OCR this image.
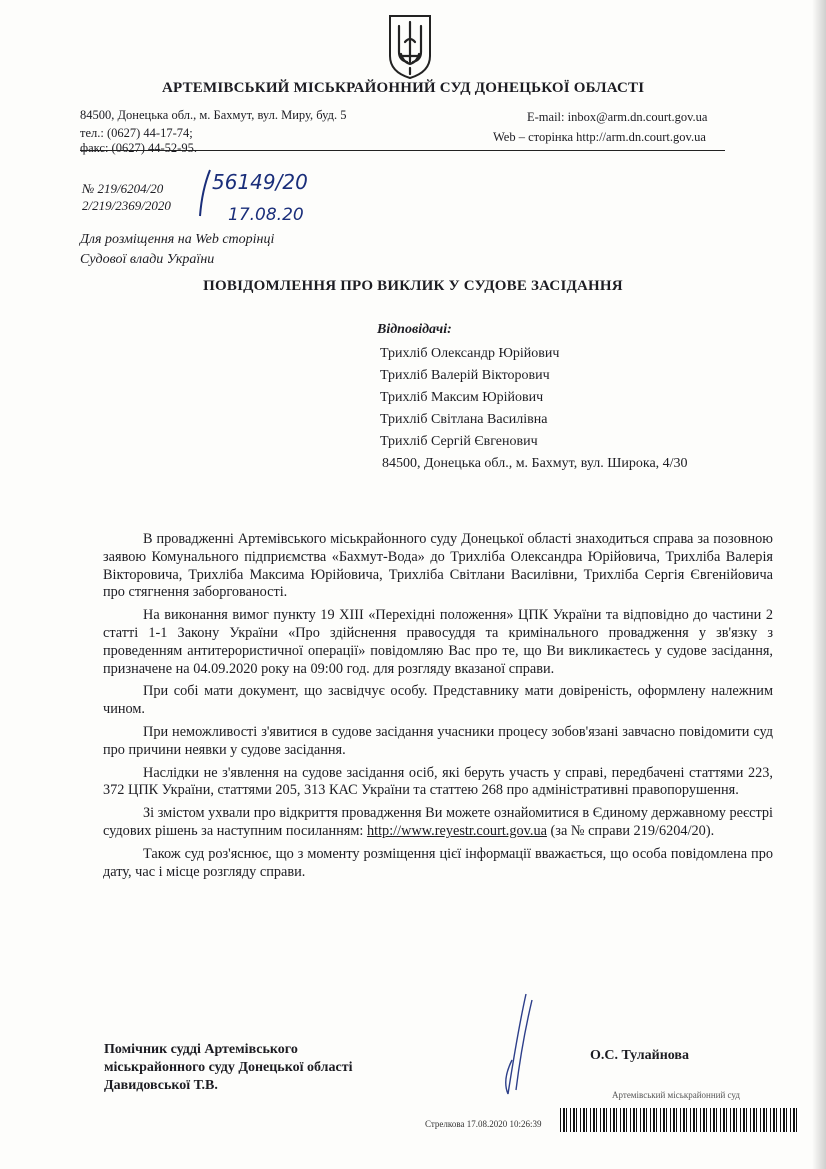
АРТЕМІВСЬКИЙ МІСЬКРАЙОННИЙ СУД ДОНЕЦЬКОЇ ОБЛАСТІ
84500, Донецька обл., м. Бахмут, вул. Миру, буд. 5
тел.: (0627) 44-17-74;
факс: (0627) 44-52-95.
E-mail: inbox@arm.dn.court.gov.ua
Web – сторінка http://arm.dn.court.gov.ua
№ 219/6204/20
2/219/2369/2020
56149/20
17.08.20
Для розміщення на Web сторінці
Судової влади України
ПОВІДОМЛЕННЯ ПРО ВИКЛИК У СУДОВЕ ЗАСІДАННЯ
Відповідачі:
Трихліб Олександр Юрійович
Трихліб Валерій Вікторович
Трихліб Максим Юрійович
Трихліб Світлана Василівна
Трихліб Сергій Євгенович
84500, Донецька обл., м. Бахмут, вул. Широка, 4/30

В провадженні Артемівського міськрайонного суду Донецької області знаходиться справа за позовною заявою Комунального підприємства «Бахмут-Вода» до Трихліба Олександра Юрійовича, Трихліба Валерія Вікторовича, Трихліба Максима Юрійовича, Трихліба Світлани Василівни, Трихліба Сергія Євгенійовича про стягнення заборгованості.

На виконання вимог пункту 19 XIII «Перехідні положення» ЦПК України та відповідно до частини 2 статті 1-1 Закону України «Про здійснення правосуддя та кримінального провадження у зв'язку з проведенням антитерористичної операції» повідомляю Вас про те, що Ви викликаєтесь у судове засідання, призначене на 04.09.2020 року на 09:00 год. для розгляду вказаної справи.

При собі мати документ, що засвідчує особу. Представнику мати довіреність, оформлену належним чином.

При неможливості з'явитися в судове засідання учасники процесу зобов'язані завчасно повідомити суд про причини неявки у судове засідання.

Наслідки не з'явлення на судове засідання осіб, які беруть участь у справі, передбачені статтями 223, 372 ЦПК України, статтями 205, 313 КАС України та статтею 268 про адміністративні правопорушення.

Зі змістом ухвали про відкриття провадження Ви можете ознайомитися в Єдиному державному реєстрі судових рішень за наступним посиланням: http://www.reyestr.court.gov.ua (за № справи 219/6204/20).

Також суд роз'яснює, що з моменту розміщення цієї інформації вважається, що особа повідомлена про дату, час і місце розгляду справи.

Помічник судді Артемівського
міськрайонного суду Донецької області
Давидовської Т.В.
О.С. Тулайнова
Артемівський міськрайонний суд
Стрелкова 17.08.2020 10:26:39
